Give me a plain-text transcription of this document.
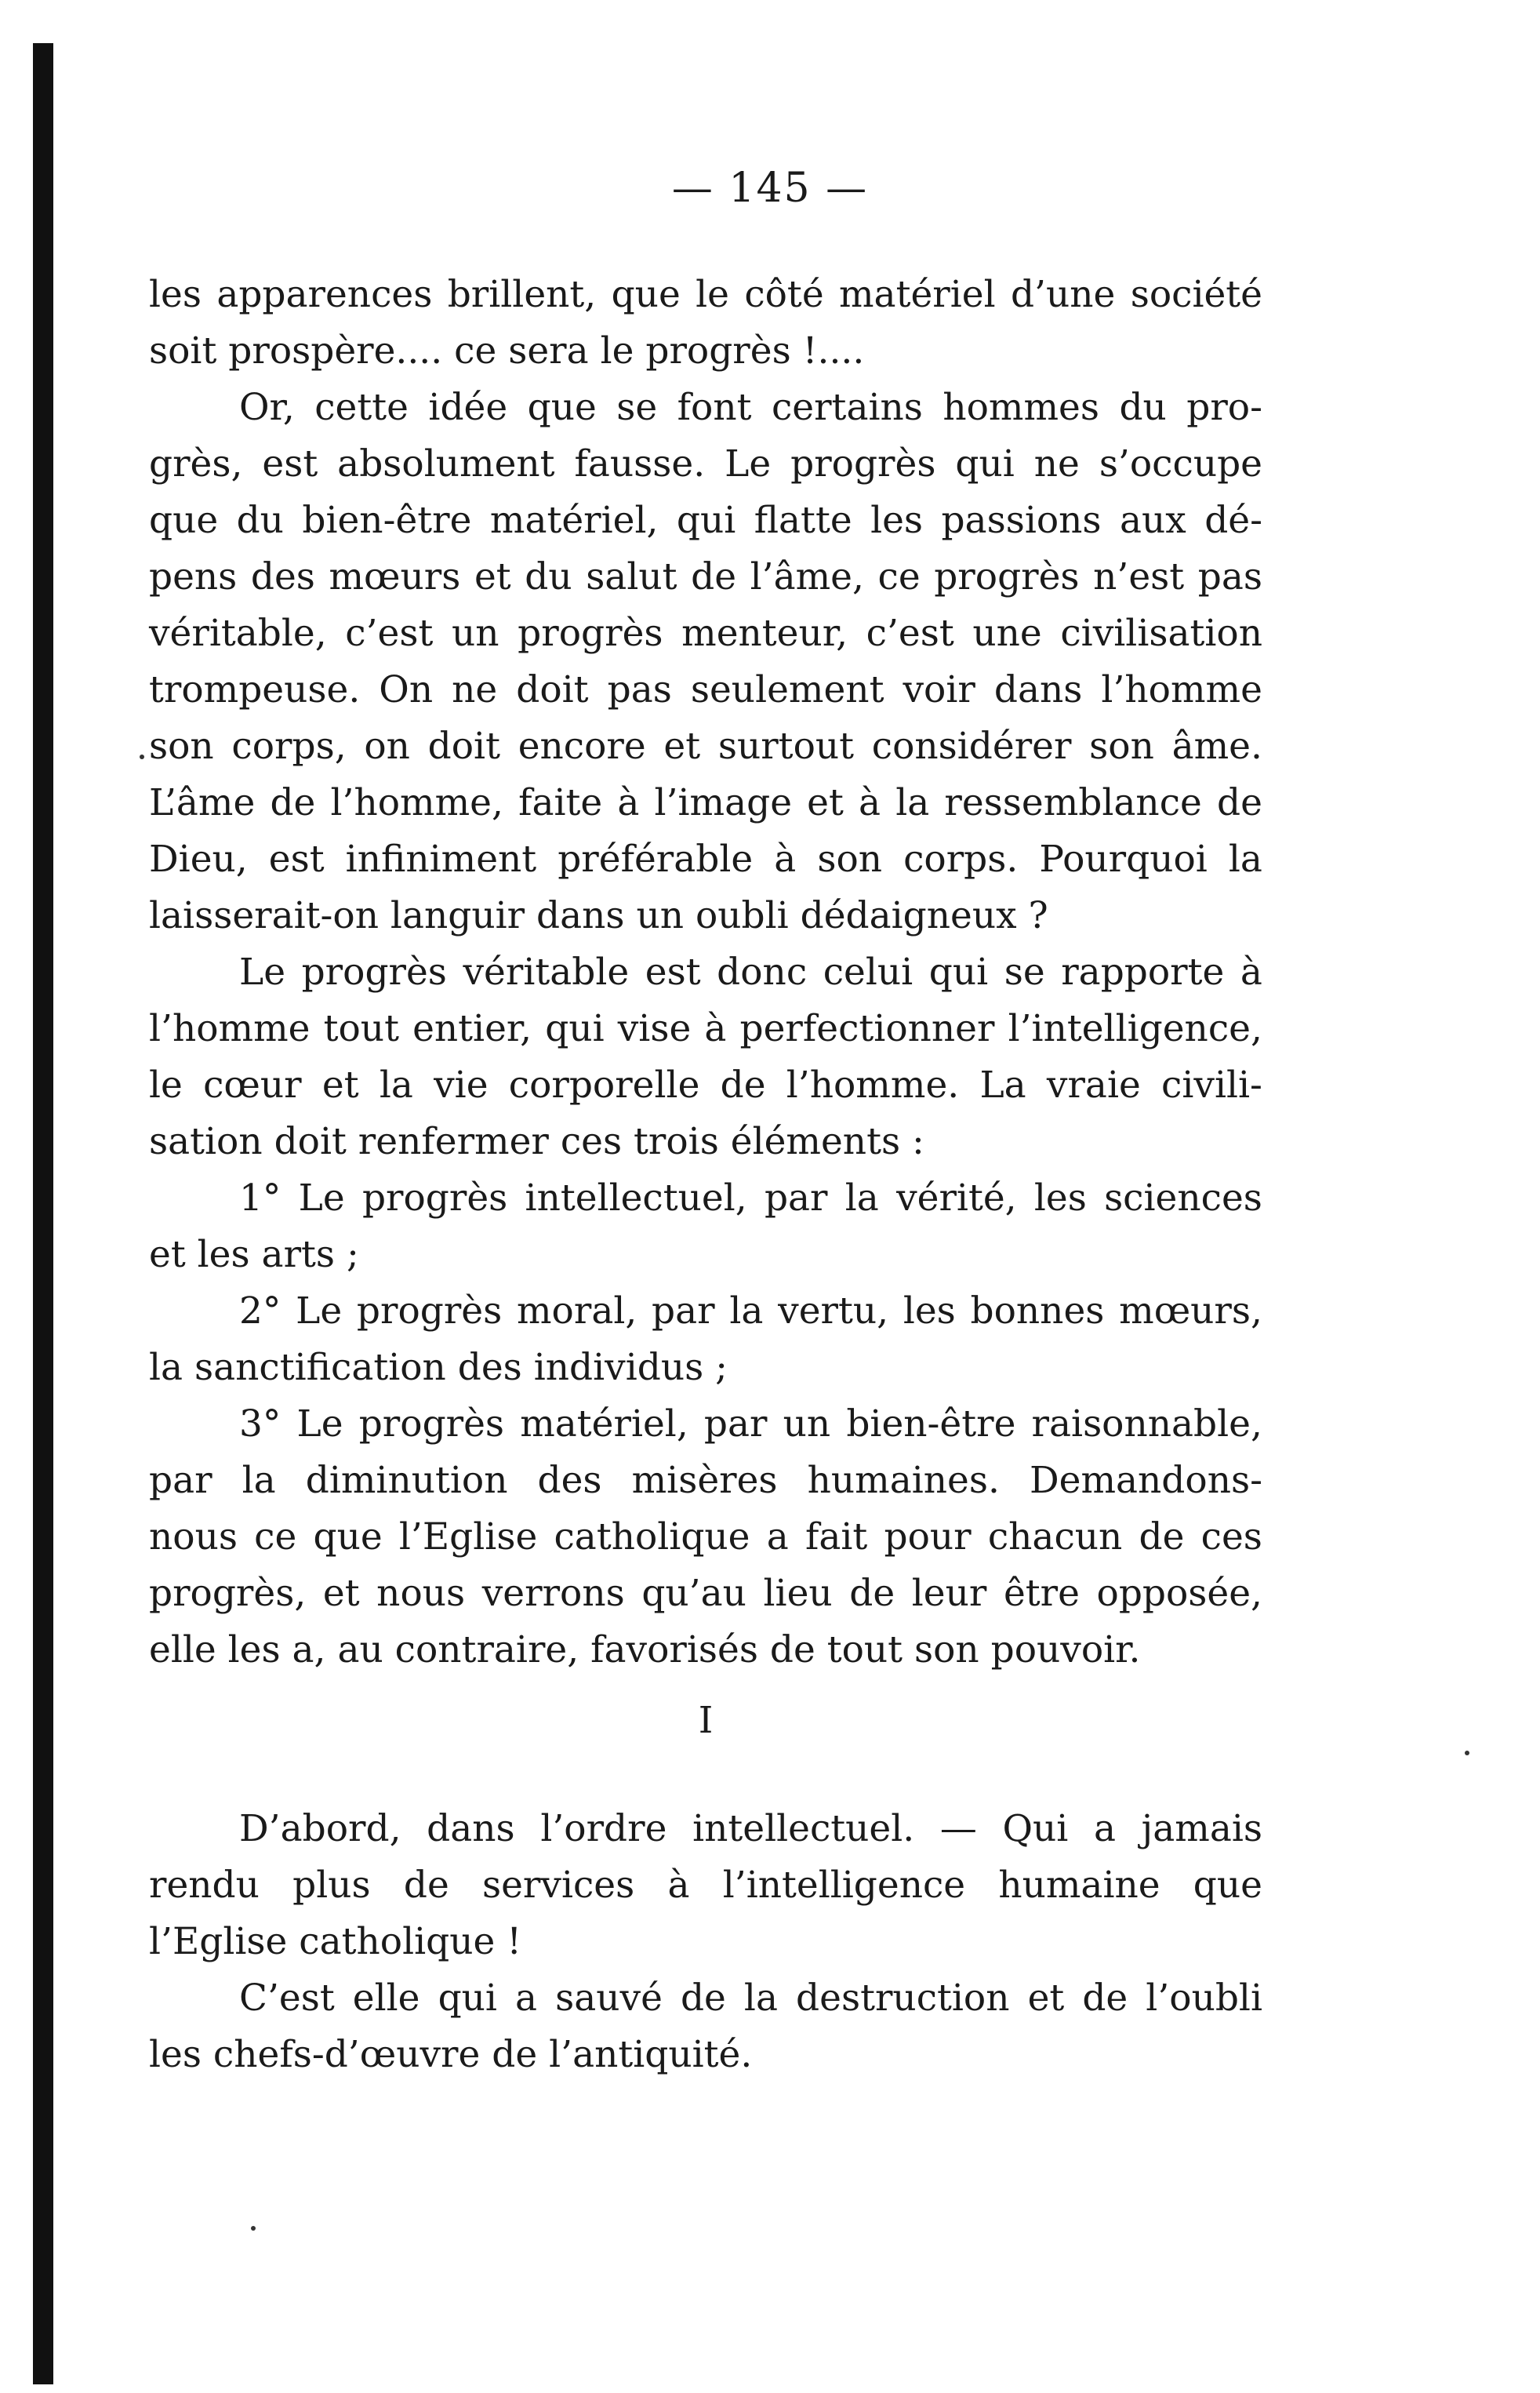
— 145 —
les apparences brillent, que le côté matériel d’une société
soit prospère.... ce sera le progrès !....
Or, cette idée que se font certains hommes du pro-
grès, est absolument fausse. Le progrès qui ne s’occupe
que du bien-être matériel, qui flatte les passions aux dé-
pens des mœurs et du salut de l’âme, ce progrès n’est pas
véritable, c’est un progrès menteur, c’est une civilisation
trompeuse. On ne doit pas seulement voir dans l’homme
son corps, on doit encore et surtout considérer son âme.
L’âme de l’homme, faite à l’image et à la ressemblance de
Dieu, est infiniment préférable à son corps. Pourquoi la
laisserait-on languir dans un oubli dédaigneux ?
Le progrès véritable est donc celui qui se rapporte à
l’homme tout entier, qui vise à perfectionner l’intelligence,
le cœur et la vie corporelle de l’homme. La vraie civili-
sation doit renfermer ces trois éléments :
1° Le progrès intellectuel, par la vérité, les sciences
et les arts ;
2° Le progrès moral, par la vertu, les bonnes mœurs,
la sanctification des individus ;
3° Le progrès matériel, par un bien-être raisonnable,
par la diminution des misères humaines. Demandons-
nous ce que l’Eglise catholique a fait pour chacun de ces
progrès, et nous verrons qu’au lieu de leur être opposée,
elle les a, au contraire, favorisés de tout son pouvoir.
I
D’abord, dans l’ordre intellectuel. — Qui a jamais
rendu plus de services à l’intelligence humaine que
l’Eglise catholique !
C’est elle qui a sauvé de la destruction et de l’oubli
les chefs-d’œuvre de l’antiquité.
